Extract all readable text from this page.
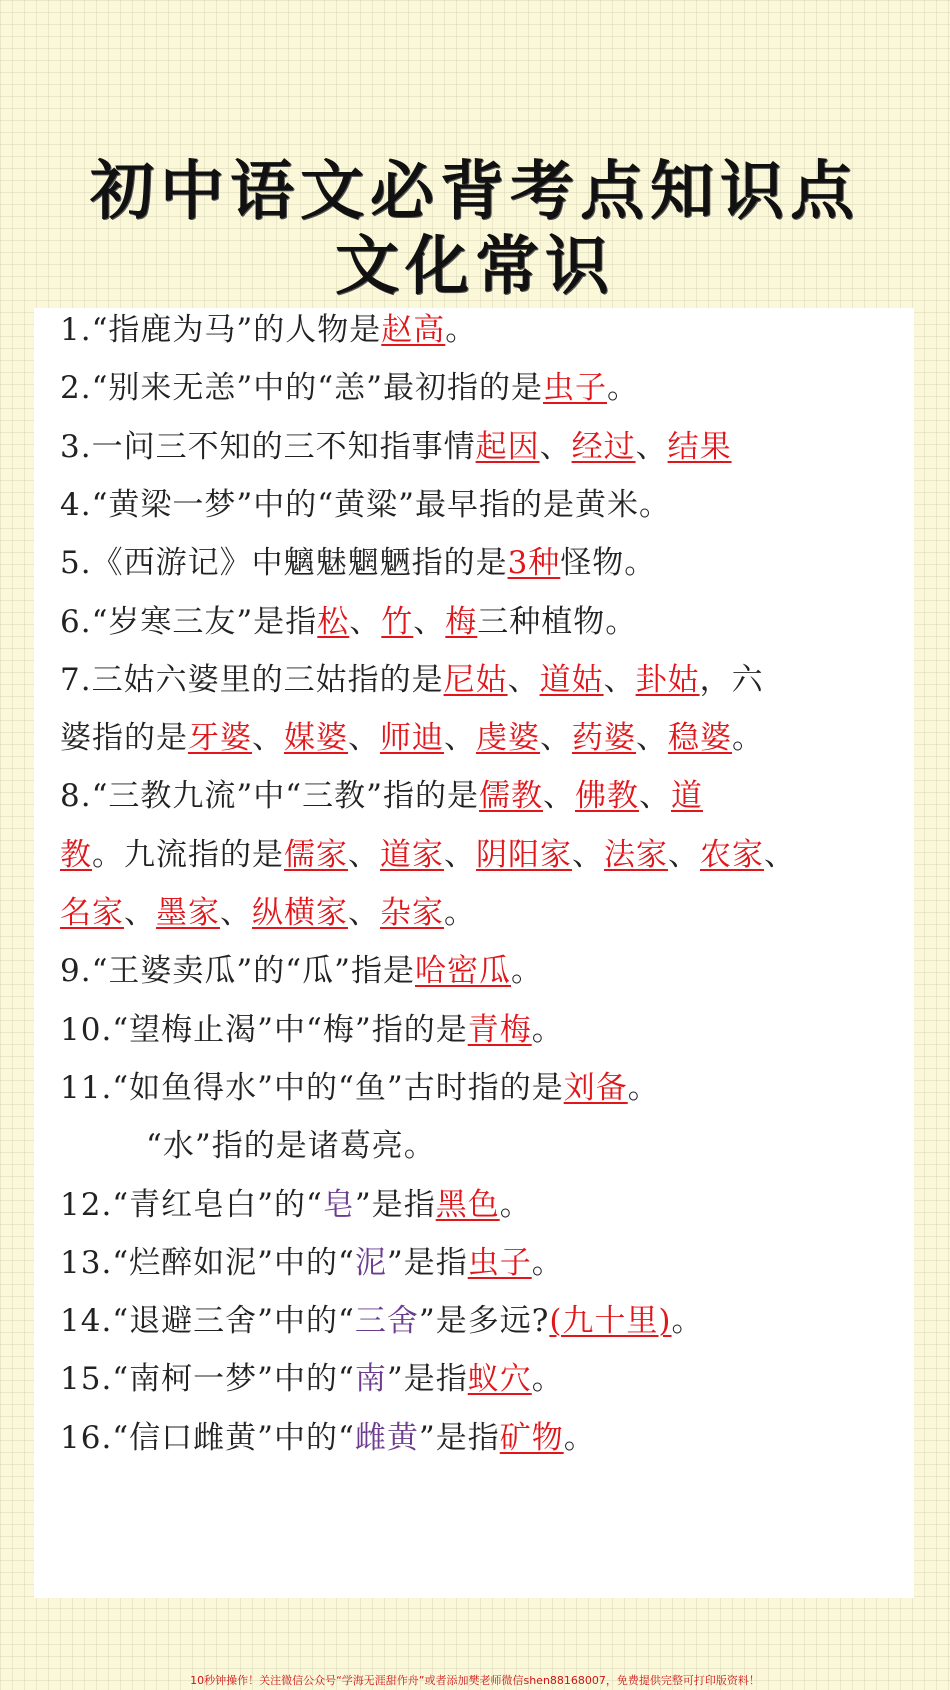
初中语文必背考点知识点
文化常识
1.“指鹿为马”的人物是赵高。
2.“别来无恙”中的“恙”最初指的是虫子。
3.一问三不知的三不知指事情起因、经过、结果
4.“黄梁一梦”中的“黄粱”最早指的是黄米。
5.《西游记》中魑魅魍魉指的是3种怪物。
6.“岁寒三友”是指松、竹、梅三种植物。
7.三姑六婆里的三姑指的是尼姑、道姑、卦姑，六
婆指的是牙婆、媒婆、师迪、虔婆、药婆、稳婆。
8.“三教九流”中“三教”指的是儒教、佛教、道
教。九流指的是儒家、道家、阴阳家、法家、农家、
名家、墨家、纵横家、杂家。
9.“王婆卖瓜”的“瓜”指是哈密瓜。
10.“望梅止渴”中“梅”指的是青梅。
11.“如鱼得水”中的“鱼”古时指的是刘备。
“水”指的是诸葛亮。
12.“青红皂白”的“皂”是指黑色。
13.“烂醉如泥”中的“泥”是指虫子。
14.“退避三舍”中的“三舍”是多远?(九十里)。
15.“南柯一梦”中的“南”是指蚁穴。
16.“信口雌黄”中的“雌黄”是指矿物。
10秒钟操作！关注微信公众号“学海无涯甜作舟”或者添加樊老师微信shen88168007，免费提供完整可打印版资料！
